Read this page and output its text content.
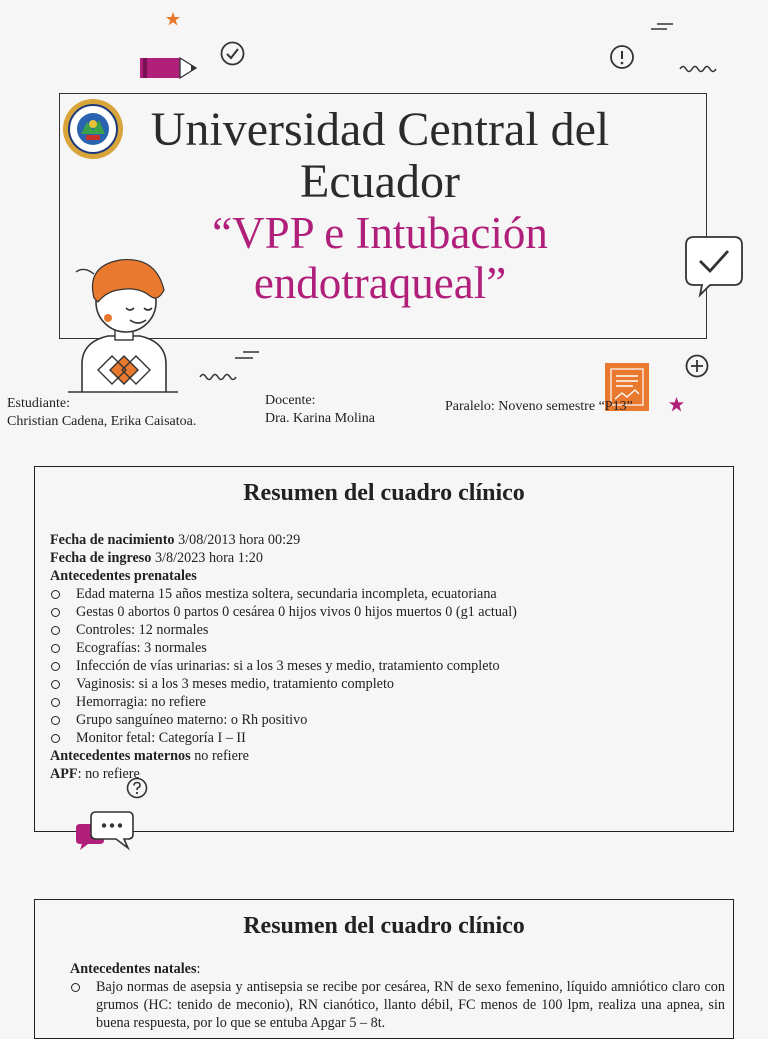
Universidad Central del Ecuador
“VPP e Intubación endotraqueal”
Estudiante:
Christian Cadena, Erika Caisatoa.
Docente:
Dra. Karina Molina
Paralelo: Noveno semestre “P13”
Resumen del cuadro clínico
Fecha de nacimiento 3/08/2013 hora 00:29
Fecha de ingreso 3/8/2023 hora 1:20
Antecedentes prenatales
Edad materna 15 años mestiza soltera, secundaria incompleta, ecuatoriana
Gestas 0 abortos 0 partos 0 cesárea 0 hijos vivos 0 hijos muertos 0 (g1 actual)
Controles: 12 normales
Ecografías: 3 normales
Infección de vías urinarias: si a los 3 meses y medio, tratamiento completo
Vaginosis: si a los 3 meses medio, tratamiento completo
Hemorragia: no refiere
Grupo sanguíneo materno: o Rh positivo
Monitor fetal: Categoría I – II
Antecedentes maternos no refiere
APF: no refiere
Resumen del cuadro clínico
Antecedentes natales:
Bajo normas de asepsia y antisepsia se recibe por cesárea, RN de sexo femenino, líquido amniótico claro con grumos (HC: tenido de meconio), RN cianótico, llanto débil, FC menos de 100 lpm, realiza una apnea, sin buena respuesta, por lo que se entuba Apgar 5 – 8t.
